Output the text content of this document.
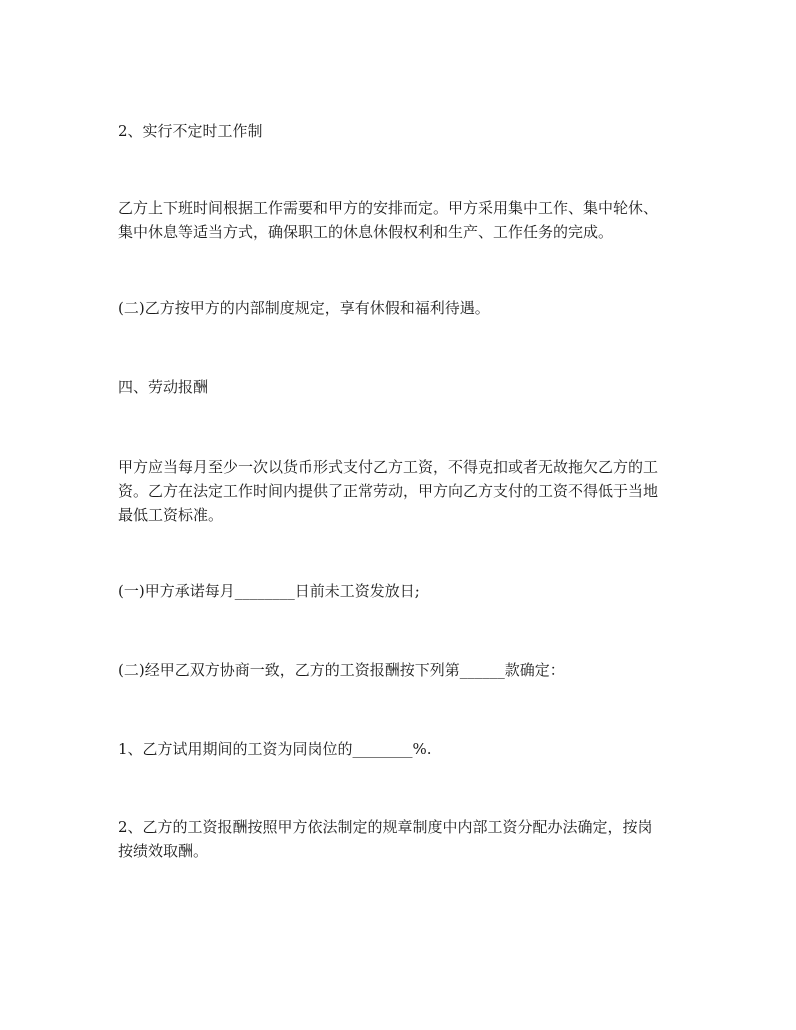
2、实行不定时工作制

乙方上下班时间根据工作需要和甲方的安排而定。甲方采用集中工作、集中轮休、
集中休息等适当方式，确保职工的休息休假权利和生产、工作任务的完成。

(二)乙方按甲方的内部制度规定，享有休假和福利待遇。

四、劳动报酬

甲方应当每月至少一次以货币形式支付乙方工资，不得克扣或者无故拖欠乙方的工
资。乙方在法定工作时间内提供了正常劳动，甲方向乙方支付的工资不得低于当地
最低工资标准。

(一)甲方承诺每月________日前未工资发放日;

(二)经甲乙双方协商一致，乙方的工资报酬按下列第______款确定：

1、乙方试用期间的工资为同岗位的________%.

2、乙方的工资报酬按照甲方依法制定的规章制度中内部工资分配办法确定，按岗
按绩效取酬。
